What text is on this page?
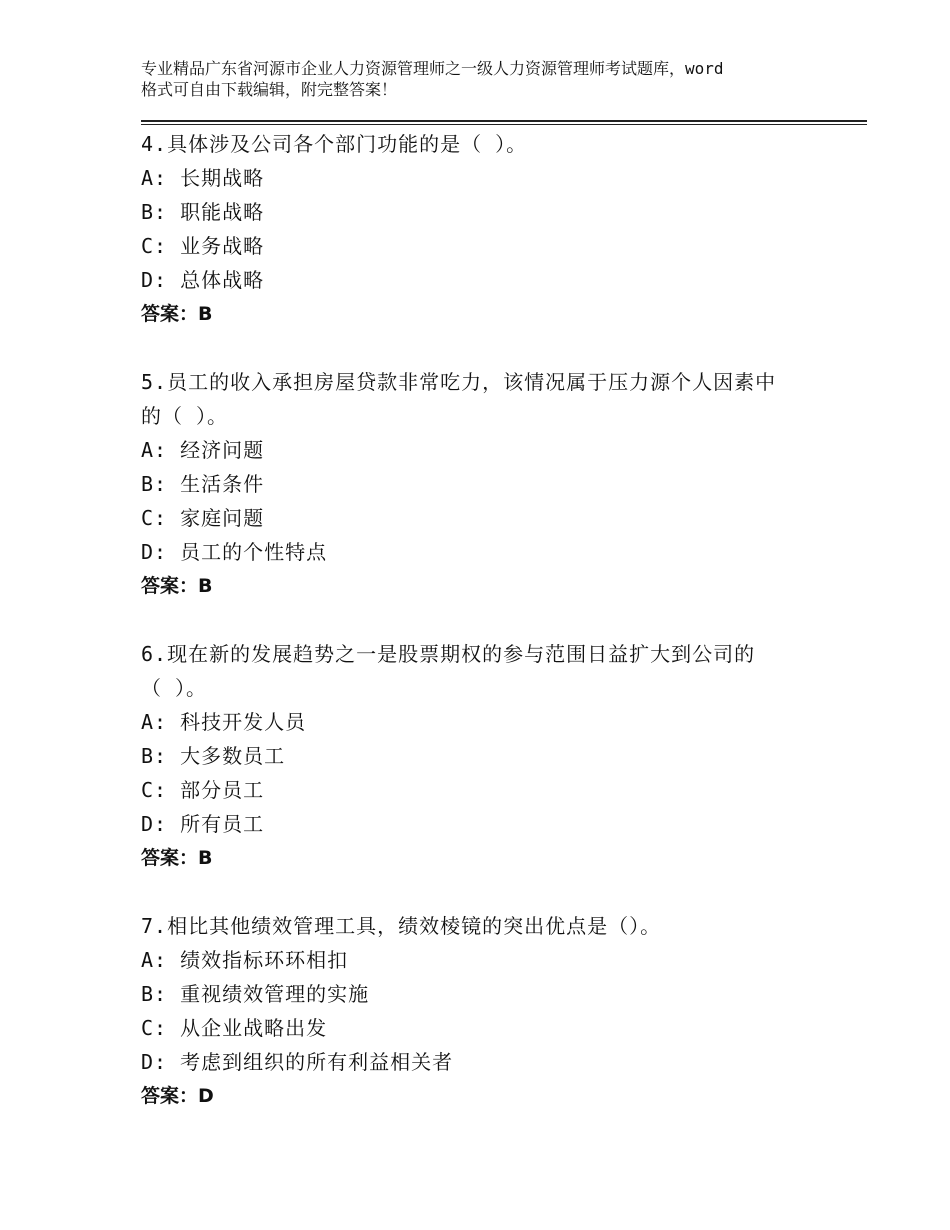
专业精品广东省河源市企业人力资源管理师之一级人力资源管理师考试题库，word
格式可自由下载编辑，附完整答案！
4.具体涉及公司各个部门功能的是（ ）。
A: 长期战略
B: 职能战略
C: 业务战略
D: 总体战略
答案：B
5.员工的收入承担房屋贷款非常吃力，该情况属于压力源个人因素中
的（ ）。
A: 经济问题
B: 生活条件
C: 家庭问题
D: 员工的个性特点
答案：B
6.现在新的发展趋势之一是股票期权的参与范围日益扩大到公司的
（ ）。
A: 科技开发人员
B: 大多数员工
C: 部分员工
D: 所有员工
答案：B
7.相比其他绩效管理工具，绩效棱镜的突出优点是（）。
A: 绩效指标环环相扣
B: 重视绩效管理的实施
C: 从企业战略出发
D: 考虑到组织的所有利益相关者
答案：D
